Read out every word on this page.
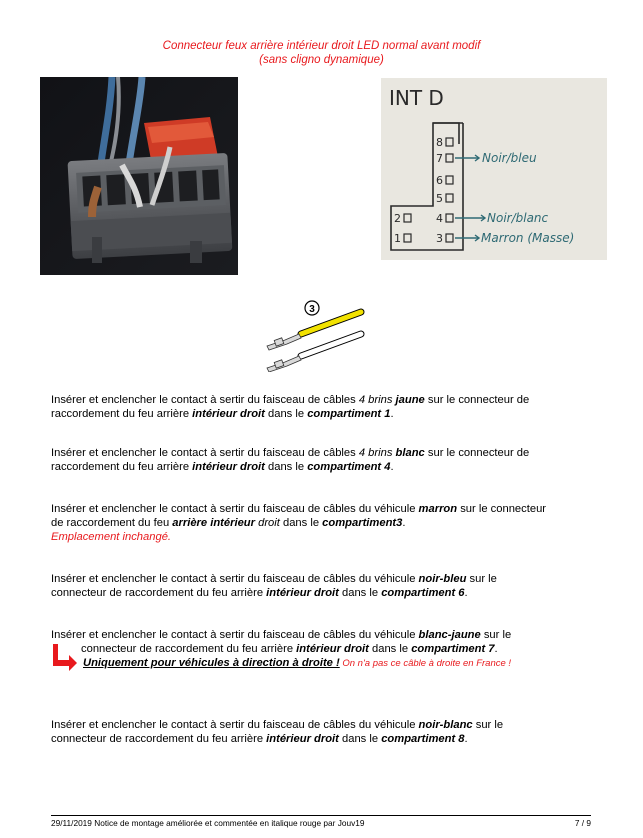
Connecteur feux arrière intérieur droit LED normal avant modif
(sans cligno dynamique)
INT D
8
7
6
5
4
3
2
1
Noir/bleu
Noir/blanc
Marron (Masse)
3
Insérer et enclencher le contact à sertir du faisceau de câbles 4 brins jaune sur le connecteur de
raccordement du feu arrière intérieur droit dans le compartiment 1.
Insérer et enclencher le contact à sertir du faisceau de câbles 4 brins blanc sur le connecteur de
raccordement du feu arrière intérieur droit dans le compartiment 4.
Insérer et enclencher le contact à sertir du faisceau de câbles du véhicule marron sur le connecteur
de raccordement du feu arrière intérieur droit dans le compartiment3.
Emplacement inchangé.
Insérer et enclencher le contact à sertir du faisceau de câbles du véhicule noir-bleu sur le
connecteur de raccordement du feu arrière intérieur droit dans le compartiment 6.
Insérer et enclencher le contact à sertir du faisceau de câbles du véhicule blanc-jaune sur le
connecteur de raccordement du feu arrière intérieur droit dans le compartiment 7.
Uniquement pour véhicules à direction à droite ! On n'a pas ce câble à droite en France !
Insérer et enclencher le contact à sertir du faisceau de câbles du véhicule noir-blanc sur le
connecteur de raccordement du feu arrière intérieur droit dans le compartiment 8.
29/11/2019 Notice de montage améliorée et commentée en italique rouge par Jouv19	7 / 9
